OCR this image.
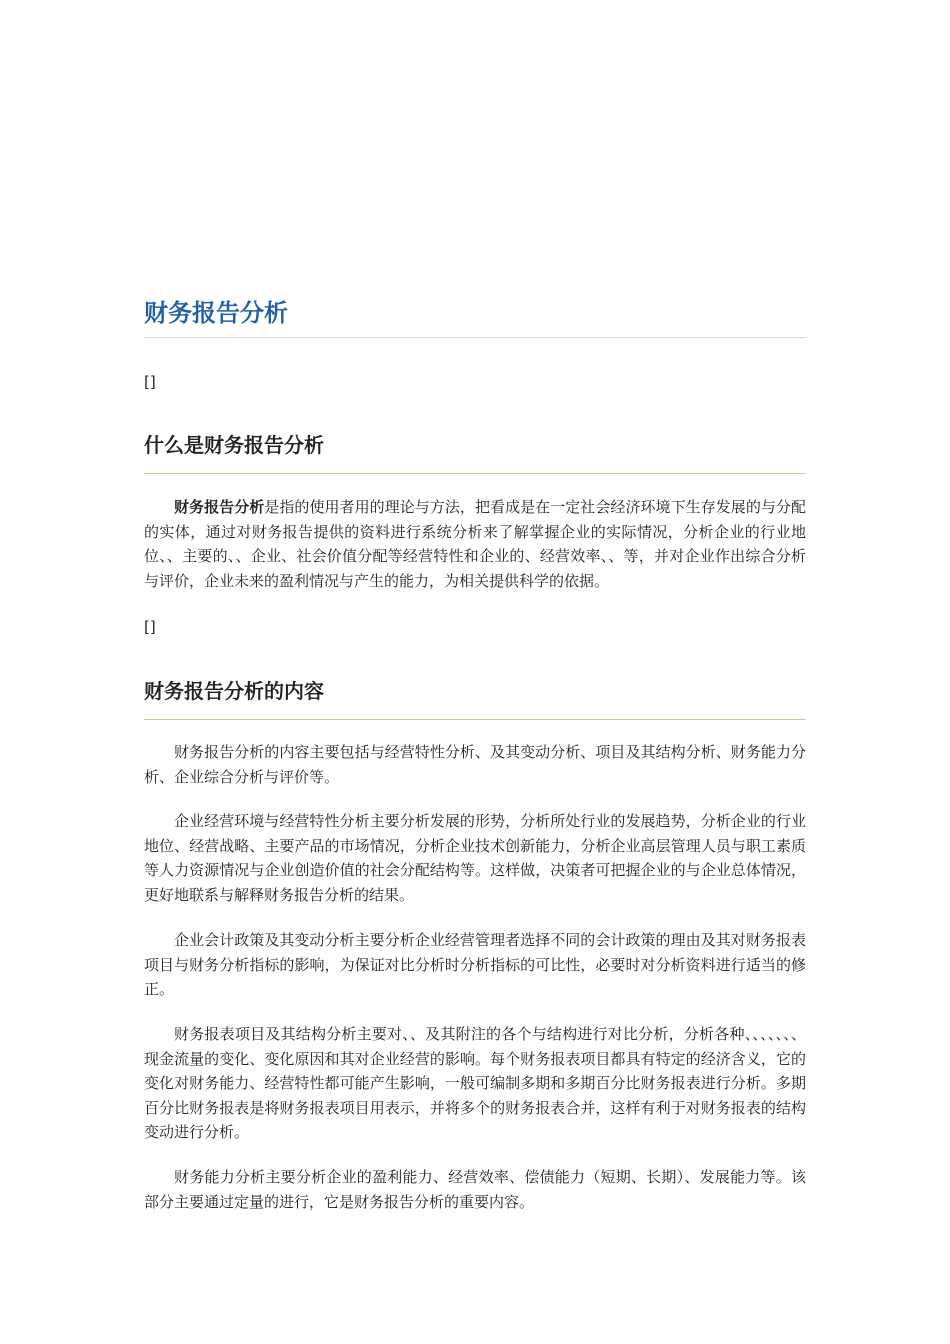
财务报告分析
[]
什么是财务报告分析

财务报告分析是指的使用者用的理论与方法，把看成是在一定社会经济环境下生存发展的与分配的实体，通过对财务报告提供的资料进行系统分析来了解掌握企业的实际情况，分析企业的行业地位、、主要的、、企业、社会价值分配等经营特性和企业的、经营效率、、等，并对企业作出综合分析与评价，企业未来的盈利情况与产生的能力，为相关提供科学的依据。

[]
财务报告分析的内容

财务报告分析的内容主要包括与经营特性分析、及其变动分析、项目及其结构分析、财务能力分析、企业综合分析与评价等。

企业经营环境与经营特性分析主要分析发展的形势，分析所处行业的发展趋势，分析企业的行业地位、经营战略、主要产品的市场情况，分析企业技术创新能力，分析企业高层管理人员与职工素质等人力资源情况与企业创造价值的社会分配结构等。这样做，决策者可把握企业的与企业总体情况，更好地联系与解释财务报告分析的结果。

企业会计政策及其变动分析主要分析企业经营管理者选择不同的会计政策的理由及其对财务报表项目与财务分析指标的影响，为保证对比分析时分析指标的可比性，必要时对分析资料进行适当的修正。

财务报表项目及其结构分析主要对、、及其附注的各个与结构进行对比分析，分析各种、、、、、、、现金流量的变化、变化原因和其对企业经营的影响。每个财务报表项目都具有特定的经济含义，它的变化对财务能力、经营特性都可能产生影响，一般可编制多期和多期百分比财务报表进行分析。多期百分比财务报表是将财务报表项目用表示，并将多个的财务报表合并，这样有利于对财务报表的结构变动进行分析。

财务能力分析主要分析企业的盈利能力、经营效率、偿债能力（短期、长期）、发展能力等。该部分主要通过定量的进行，它是财务报告分析的重要内容。
